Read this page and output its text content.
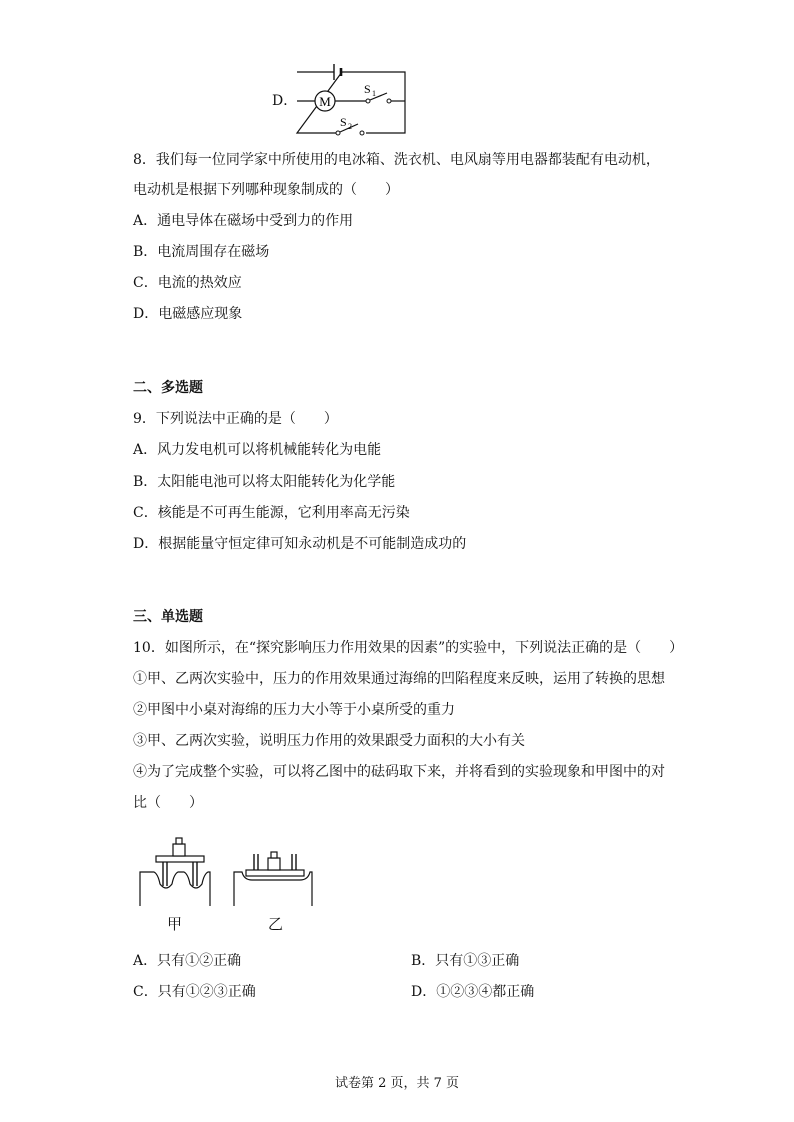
D． M
S 1
S 2
8．我们每一位同学家中所使用的电冰箱、洗衣机、电风扇等用电器都装配有电动机，
电动机是根据下列哪种现象制成的（　　）
A．通电导体在磁场中受到力的作用
B．电流周围存在磁场
C．电流的热效应
D．电磁感应现象
二、多选题
9．下列说法中正确的是（　　）
A．风力发电机可以将机械能转化为电能
B．太阳能电池可以将太阳能转化为化学能
C．核能是不可再生能源，它利用率高无污染
D．根据能量守恒定律可知永动机是不可能制造成功的
三、单选题
10．如图所示，在“探究影响压力作用效果的因素”的实验中，下列说法正确的是（　　）
①甲、乙两次实验中，压力的作用效果通过海绵的凹陷程度来反映，运用了转换的思想
②甲图中小桌对海绵的压力大小等于小桌所受的重力
③甲、乙两次实验，说明压力作用的效果跟受力面积的大小有关
④为了完成整个实验，可以将乙图中的砝码取下来，并将看到的实验现象和甲图中的对
比（　　）
甲	乙
A．只有①②正确	B．只有①③正确
C．只有①②③正确	D．①②③④都正确
试卷第 2 页，共 7 页
